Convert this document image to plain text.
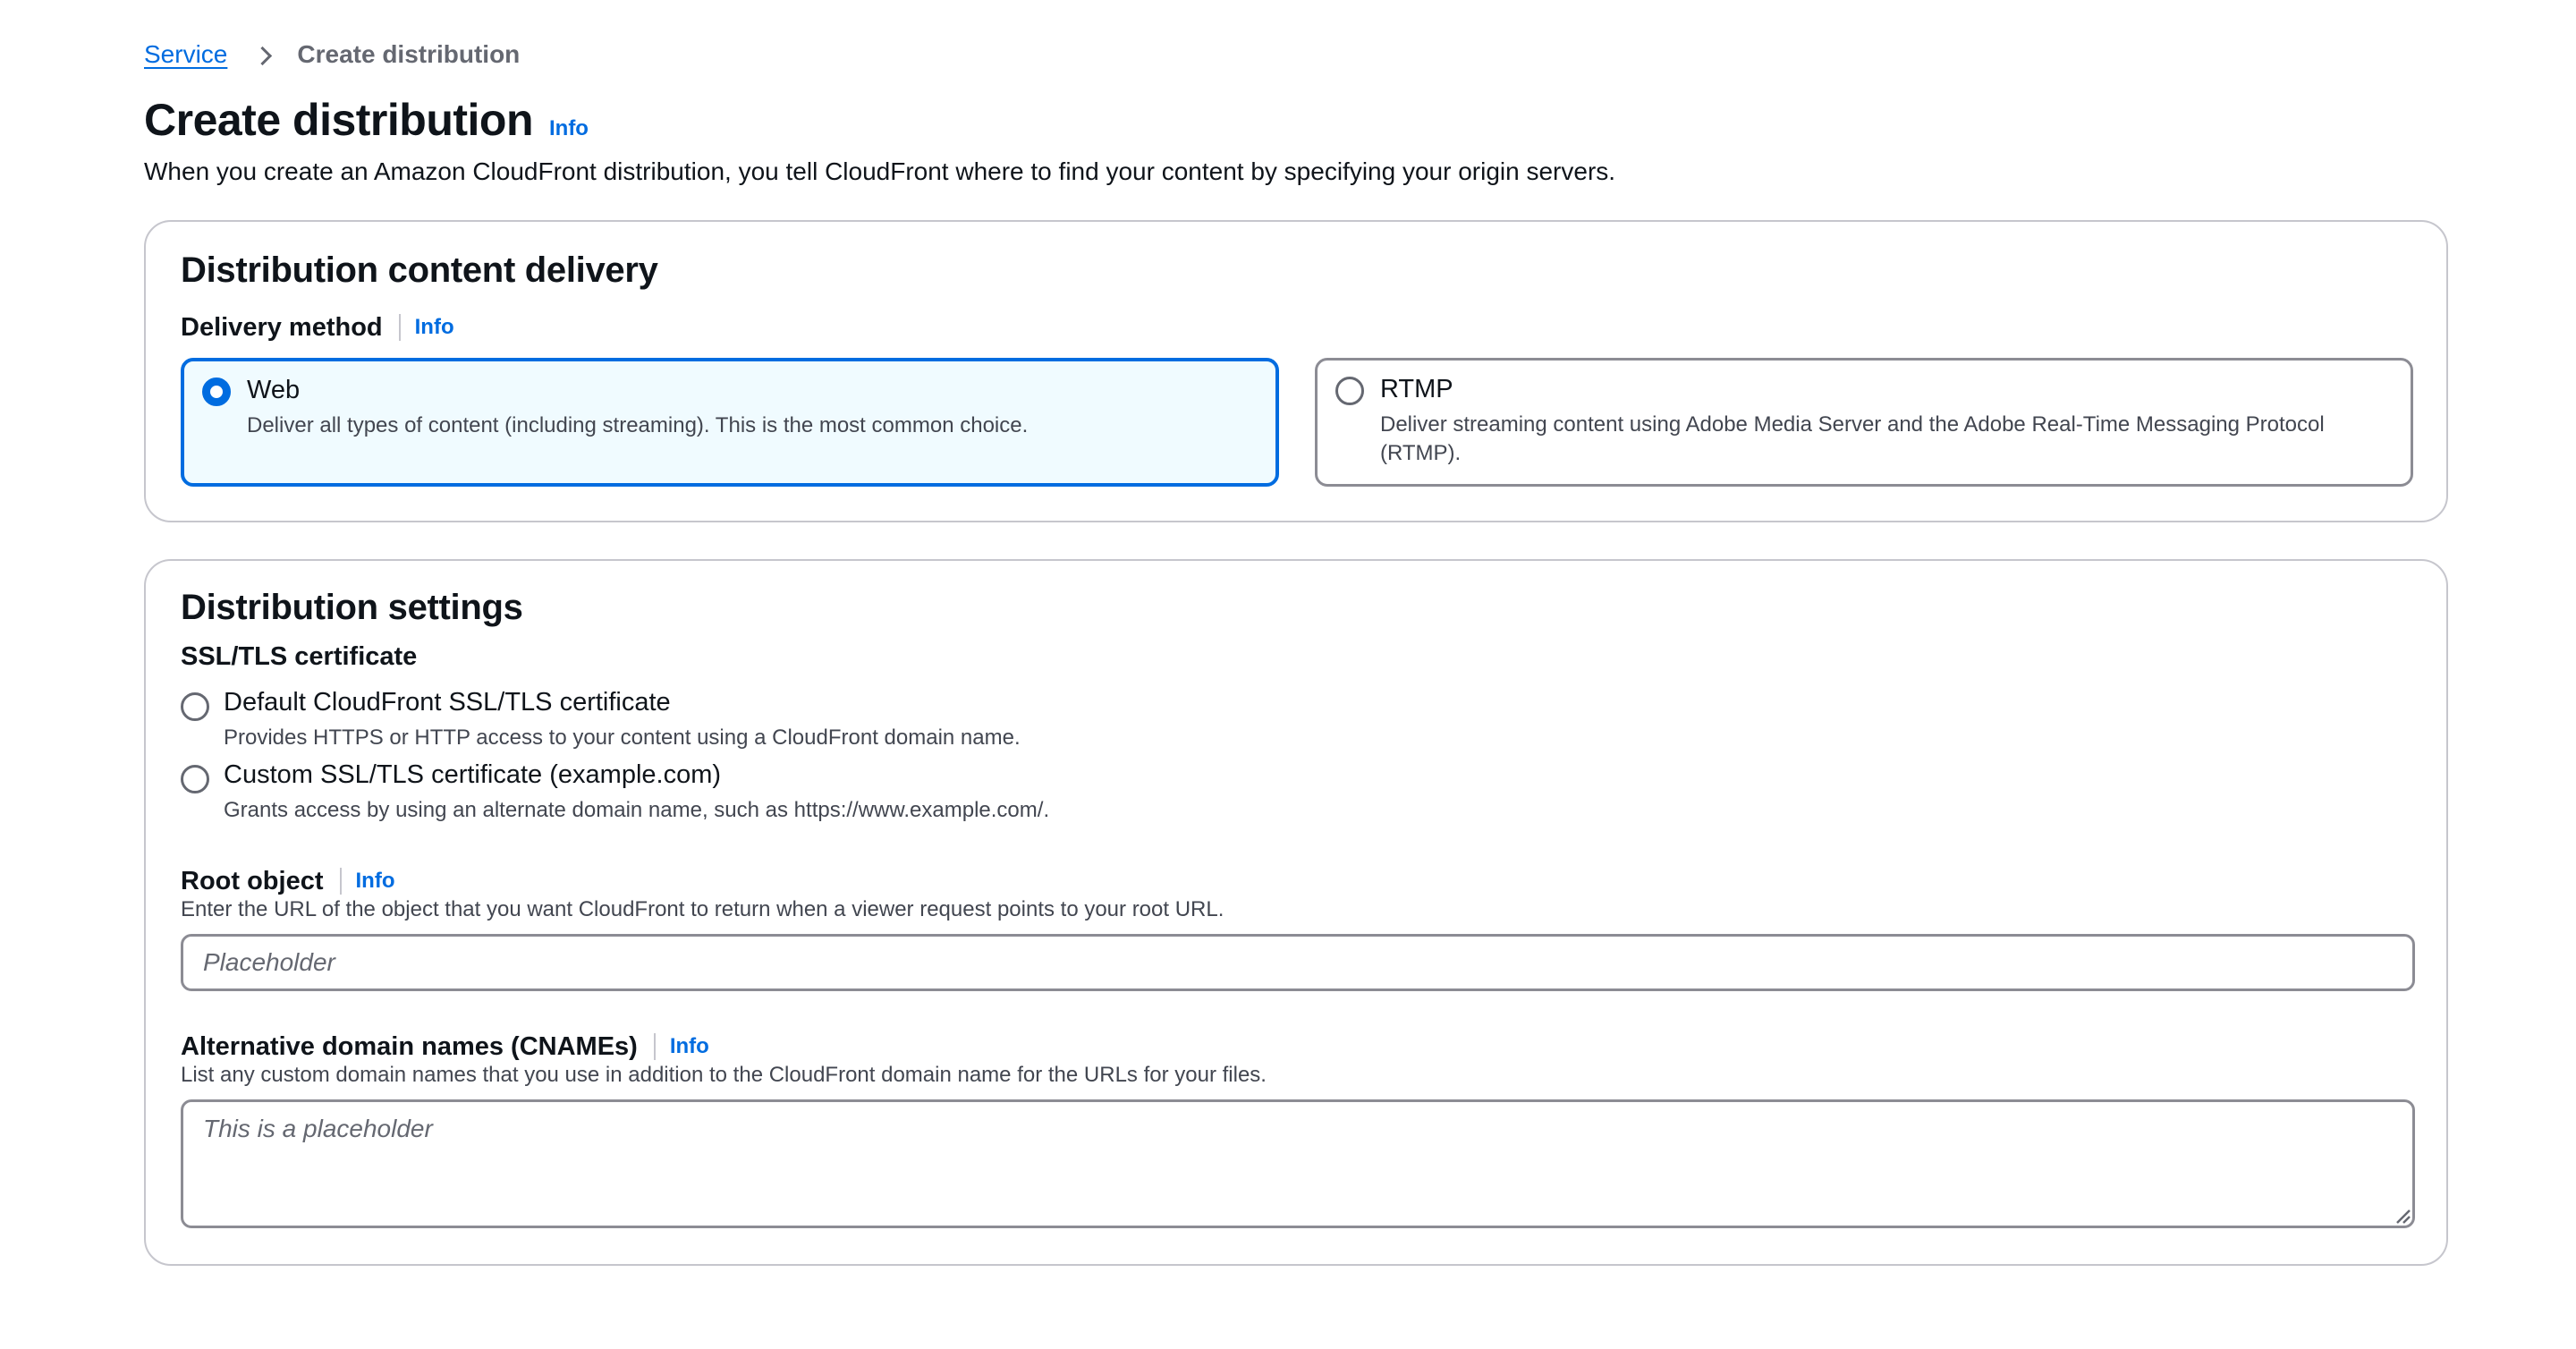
Service	Create distribution
Create distribution Info

When you create an Amazon CloudFront distribution, you tell CloudFront where to find your content by specifying your origin servers.

Distribution content delivery
Delivery method Info
Web
Deliver all types of content (including streaming). This is the most common choice.
RTMP
Deliver streaming content using Adobe Media Server and the Adobe Real-Time Messaging Protocol (RTMP).
Distribution settings
SSL/TLS certificate
Default CloudFront SSL/TLS certificate
Provides HTTPS or HTTP access to your content using a CloudFront domain name.
Custom SSL/TLS certificate (example.com)
Grants access by using an alternate domain name, such as https://www.example.com/.
Root object Info
Enter the URL of the object that you want CloudFront to return when a viewer request points to your root URL.
Placeholder
Alternative domain names (CNAMEs) Info
List any custom domain names that you use in addition to the CloudFront domain name for the URLs for your files.
This is a placeholder
